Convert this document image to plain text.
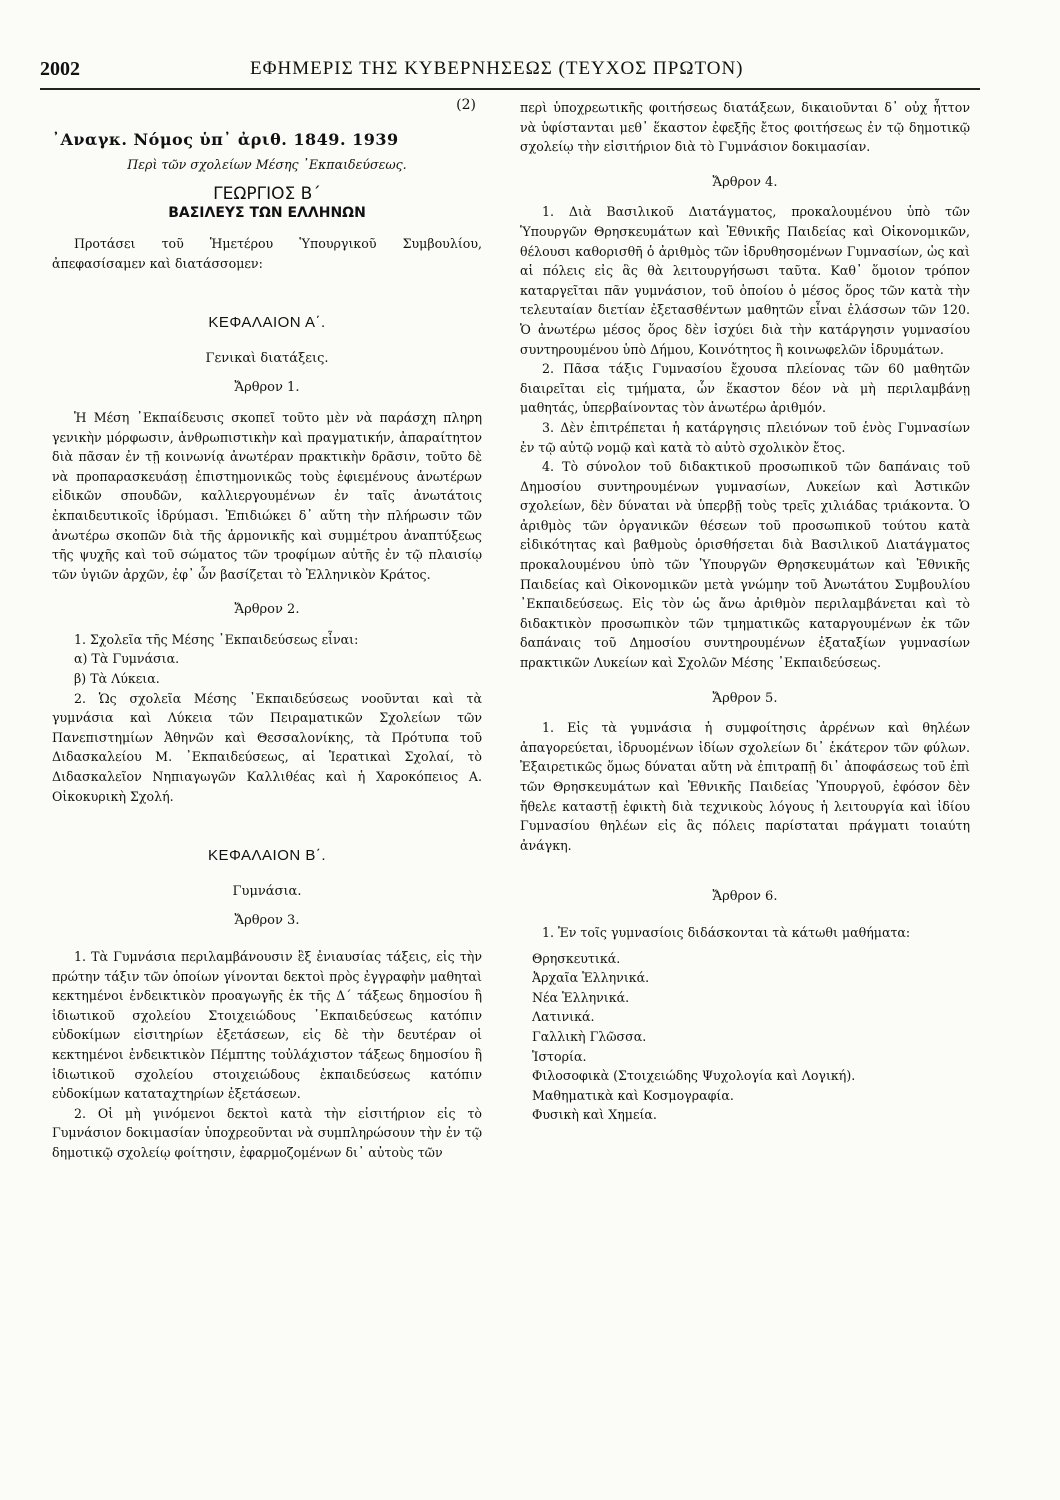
2002	ΕΦΗΜΕΡΙΣ ΤΗΣ ΚΥΒΕΡΝΗΣΕΩΣ (ΤΕΥΧΟΣ ΠΡΩΤΟΝ)

(2)

᾿Αναγκ. Νόμος ὑπ᾿ ἀριθ. 1849. 1939

Περὶ τῶν σχολείων Μέσης ᾿Εκπαιδεύσεως.

ΓΕΩΡΓΙΟΣ Β΄

ΒΑΣΙΛΕΥΣ ΤΩΝ ΕΛΛΗΝΩΝ

Προτάσει τοῦ Ἡμετέρου Ὑπουργικοῦ Συμβουλίου, ἀπεφασίσαμεν καὶ διατάσσομεν:

ΚΕΦΑΛΑΙΟΝ Α΄.

Γενικαὶ διατάξεις.

Ἄρθρον 1.

Ἡ Μέση ᾿Εκπαίδευσις σκοπεῖ τοῦτο μὲν νὰ παράσχη πληρη γενικὴν μόρφωσιν, ἀνθρωπιστικὴν καὶ πραγματικήν, ἀπαραίτητον διὰ πᾶσαν ἐν τῇ κοινωνίᾳ ἀνωτέραν πρακτικὴν δρᾶσιν, τοῦτο δὲ νὰ προπαρασκευάσῃ ἐπιστημονικῶς τοὺς ἐφιεμένους ἀνωτέρων εἰδικῶν σπουδῶν, καλλιεργουμένων ἐν ταῖς ἀνωτάτοις ἐκπαιδευτικοῖς ἱδρύμασι. Ἐπιδιώκει δ᾿ αὕτη τὴν πλήρωσιν τῶν ἀνωτέρω σκοπῶν διὰ τῆς ἁρμονικῆς καὶ συμμέτρου ἀναπτύξεως τῆς ψυχῆς καὶ τοῦ σώματος τῶν τροφίμων αὐτῆς ἐν τῷ πλαισίῳ τῶν ὑγιῶν ἀρχῶν, ἐφ᾿ ὧν βασίζεται τὸ Ἑλληνικὸν Κράτος.

Ἄρθρον 2.

1. Σχολεῖα τῆς Μέσης ᾿Εκπαιδεύσεως εἶναι:

α) Τὰ Γυμνάσια.

β) Τὰ Λύκεια.

2. Ὡς σχολεῖα Μέσης ᾿Εκπαιδεύσεως νοοῦνται καὶ τὰ γυμνάσια καὶ Λύκεια τῶν Πειραματικῶν Σχολείων τῶν Πανεπιστημίων Ἀθηνῶν καὶ Θεσσαλονίκης, τὰ Πρότυπα τοῦ Διδασκαλείου Μ. ᾿Εκπαιδεύσεως, αἱ Ἱερατικαὶ Σχολαί, τὸ Διδασκαλεῖον Νηπιαγωγῶν Καλλιθέας καὶ ἡ Χαροκόπειος Α. Οἰκοκυρικὴ Σχολή.

ΚΕΦΑΛΑΙΟΝ Β΄.

Γυμνάσια.

Ἄρθρον 3.

1. Τὰ Γυμνάσια περιλαμβάνουσιν ἓξ ἐνιαυσίας τάξεις, εἰς τὴν πρώτην τάξιν τῶν ὁποίων γίνονται δεκτοὶ πρὸς ἐγγραφὴν μαθηταὶ κεκτημένοι ἐνδεικτικὸν προαγωγῆς ἐκ τῆς Δ΄ τάξεως δημοσίου ἢ ἰδιωτικοῦ σχολείου Στοιχειώδους ᾿Εκπαιδεύσεως κατόπιν εὐδοκίμων εἰσιτηρίων ἐξετάσεων, εἰς δὲ τὴν δευτέραν οἱ κεκτημένοι ἐνδεικτικὸν Πέμπτης τοὐλάχιστον τάξεως δημοσίου ἢ ἰδιωτικοῦ σχολείου στοιχειώδους ἐκπαιδεύσεως κατόπιν εὐδοκίμων καταταχτηρίων ἐξετάσεων.

2. Οἱ μὴ γινόμενοι δεκτοὶ κατὰ τὴν εἰσιτήριον εἰς τὸ Γυμνάσιον δοκιμασίαν ὑποχρεοῦνται νὰ συμπληρώσουν τὴν ἐν τῷ δημοτικῷ σχολείῳ φοίτησιν, ἐφαρμοζομένων δι᾿ αὐτοὺς τῶν

περὶ ὑποχρεωτικῆς φοιτήσεως διατάξεων, δικαιοῦνται δ᾿ οὐχ ἧττον νὰ ὑφίστανται μεθ᾿ ἕκαστον ἐφεξῆς ἔτος φοιτήσεως ἐν τῷ δημοτικῷ σχολείῳ τὴν εἰσιτήριον διὰ τὸ Γυμνάσιον δοκιμασίαν.

Ἄρθρον 4.

1. Διὰ Βασιλικοῦ Διατάγματος, προκαλουμένου ὑπὸ τῶν Ὑπουργῶν Θρησκευμάτων καὶ Ἐθνικῆς Παιδείας καὶ Οἰκονομικῶν, θέλουσι καθορισθῆ ὁ ἀριθμὸς τῶν ἱδρυθησομένων Γυμνασίων, ὡς καὶ αἱ πόλεις εἰς ἃς θὰ λειτουργήσωσι ταῦτα. Καθ᾿ ὅμοιον τρόπον καταργεῖται πᾶν γυμνάσιον, τοῦ ὁποίου ὁ μέσος ὅρος τῶν κατὰ τὴν τελευταίαν διετίαν ἐξετασθέντων μαθητῶν εἶναι ἐλάσσων τῶν 120. Ὁ ἀνωτέρω μέσος ὅρος δὲν ἰσχύει διὰ τὴν κατάργησιν γυμνασίου συντηρουμένου ὑπὸ Δήμου, Κοινότητος ἢ κοινωφελῶν ἱδρυμάτων.

2. Πᾶσα τάξις Γυμνασίου ἔχουσα πλείονας τῶν 60 μαθητῶν διαιρεῖται εἰς τμήματα, ὧν ἕκαστον δέον νὰ μὴ περιλαμβάνῃ μαθητάς, ὑπερβαίνοντας τὸν ἀνωτέρω ἀριθμόν.

3. Δὲν ἐπιτρέπεται ἡ κατάργησις πλειόνων τοῦ ἑνὸς Γυμνασίων ἐν τῷ αὐτῷ νομῷ καὶ κατὰ τὸ αὐτὸ σχολικὸν ἔτος.

4. Τὸ σύνολον τοῦ διδακτικοῦ προσωπικοῦ τῶν δαπάναις τοῦ Δημοσίου συντηρουμένων γυμνασίων, Λυκείων καὶ Ἀστικῶν σχολείων, δὲν δύναται νὰ ὑπερβῇ τοὺς τρεῖς χιλιάδας τριάκοντα. Ὁ ἀριθμὸς τῶν ὀργανικῶν θέσεων τοῦ προσωπικοῦ τούτου κατὰ εἰδικότητας καὶ βαθμοὺς ὁρισθήσεται διὰ Βασιλικοῦ Διατάγματος προκαλουμένου ὑπὸ τῶν Ὑπουργῶν Θρησκευμάτων καὶ Ἐθνικῆς Παιδείας καὶ Οἰκονομικῶν μετὰ γνώμην τοῦ Ἀνωτάτου Συμβουλίου ᾿Εκπαιδεύσεως. Εἰς τὸν ὡς ἄνω ἀριθμὸν περιλαμβάνεται καὶ τὸ διδακτικὸν προσωπικὸν τῶν τμηματικῶς καταργουμένων ἐκ τῶν δαπάναις τοῦ Δημοσίου συντηρουμένων ἐξαταξίων γυμνασίων πρακτικῶν Λυκείων καὶ Σχολῶν Μέσης ᾿Εκπαιδεύσεως.

Ἄρθρον 5.

1. Εἰς τὰ γυμνάσια ἡ συμφοίτησις ἀρρένων καὶ θηλέων ἀπαγορεύεται, ἱδρυομένων ἰδίων σχολείων δι᾿ ἑκάτερον τῶν φύλων. Ἐξαιρετικῶς ὅμως δύναται αὕτη νὰ ἐπιτραπῇ δι᾿ ἀποφάσεως τοῦ ἐπὶ τῶν Θρησκευμάτων καὶ Ἐθνικῆς Παιδείας Ὑπουργοῦ, ἐφόσον δὲν ἤθελε καταστῇ ἐφικτὴ διὰ τεχνικοὺς λόγους ἡ λειτουργία καὶ ἰδίου Γυμνασίου θηλέων εἰς ἃς πόλεις παρίσταται πράγματι τοιαύτη ἀνάγκη.

Ἄρθρον 6.

1. Ἐν τοῖς γυμνασίοις διδάσκονται τὰ κάτωθι μαθήματα:

Θρησκευτικά.

Ἀρχαῖα Ἑλληνικά.

Νέα Ἑλληνικά.

Λατινικά.

Γαλλικὴ Γλῶσσα.

Ἱστορία.

Φιλοσοφικὰ (Στοιχειώδης Ψυχολογία καὶ Λογική).

Μαθηματικὰ καὶ Κοσμογραφία.

Φυσικὴ καὶ Χημεία.
